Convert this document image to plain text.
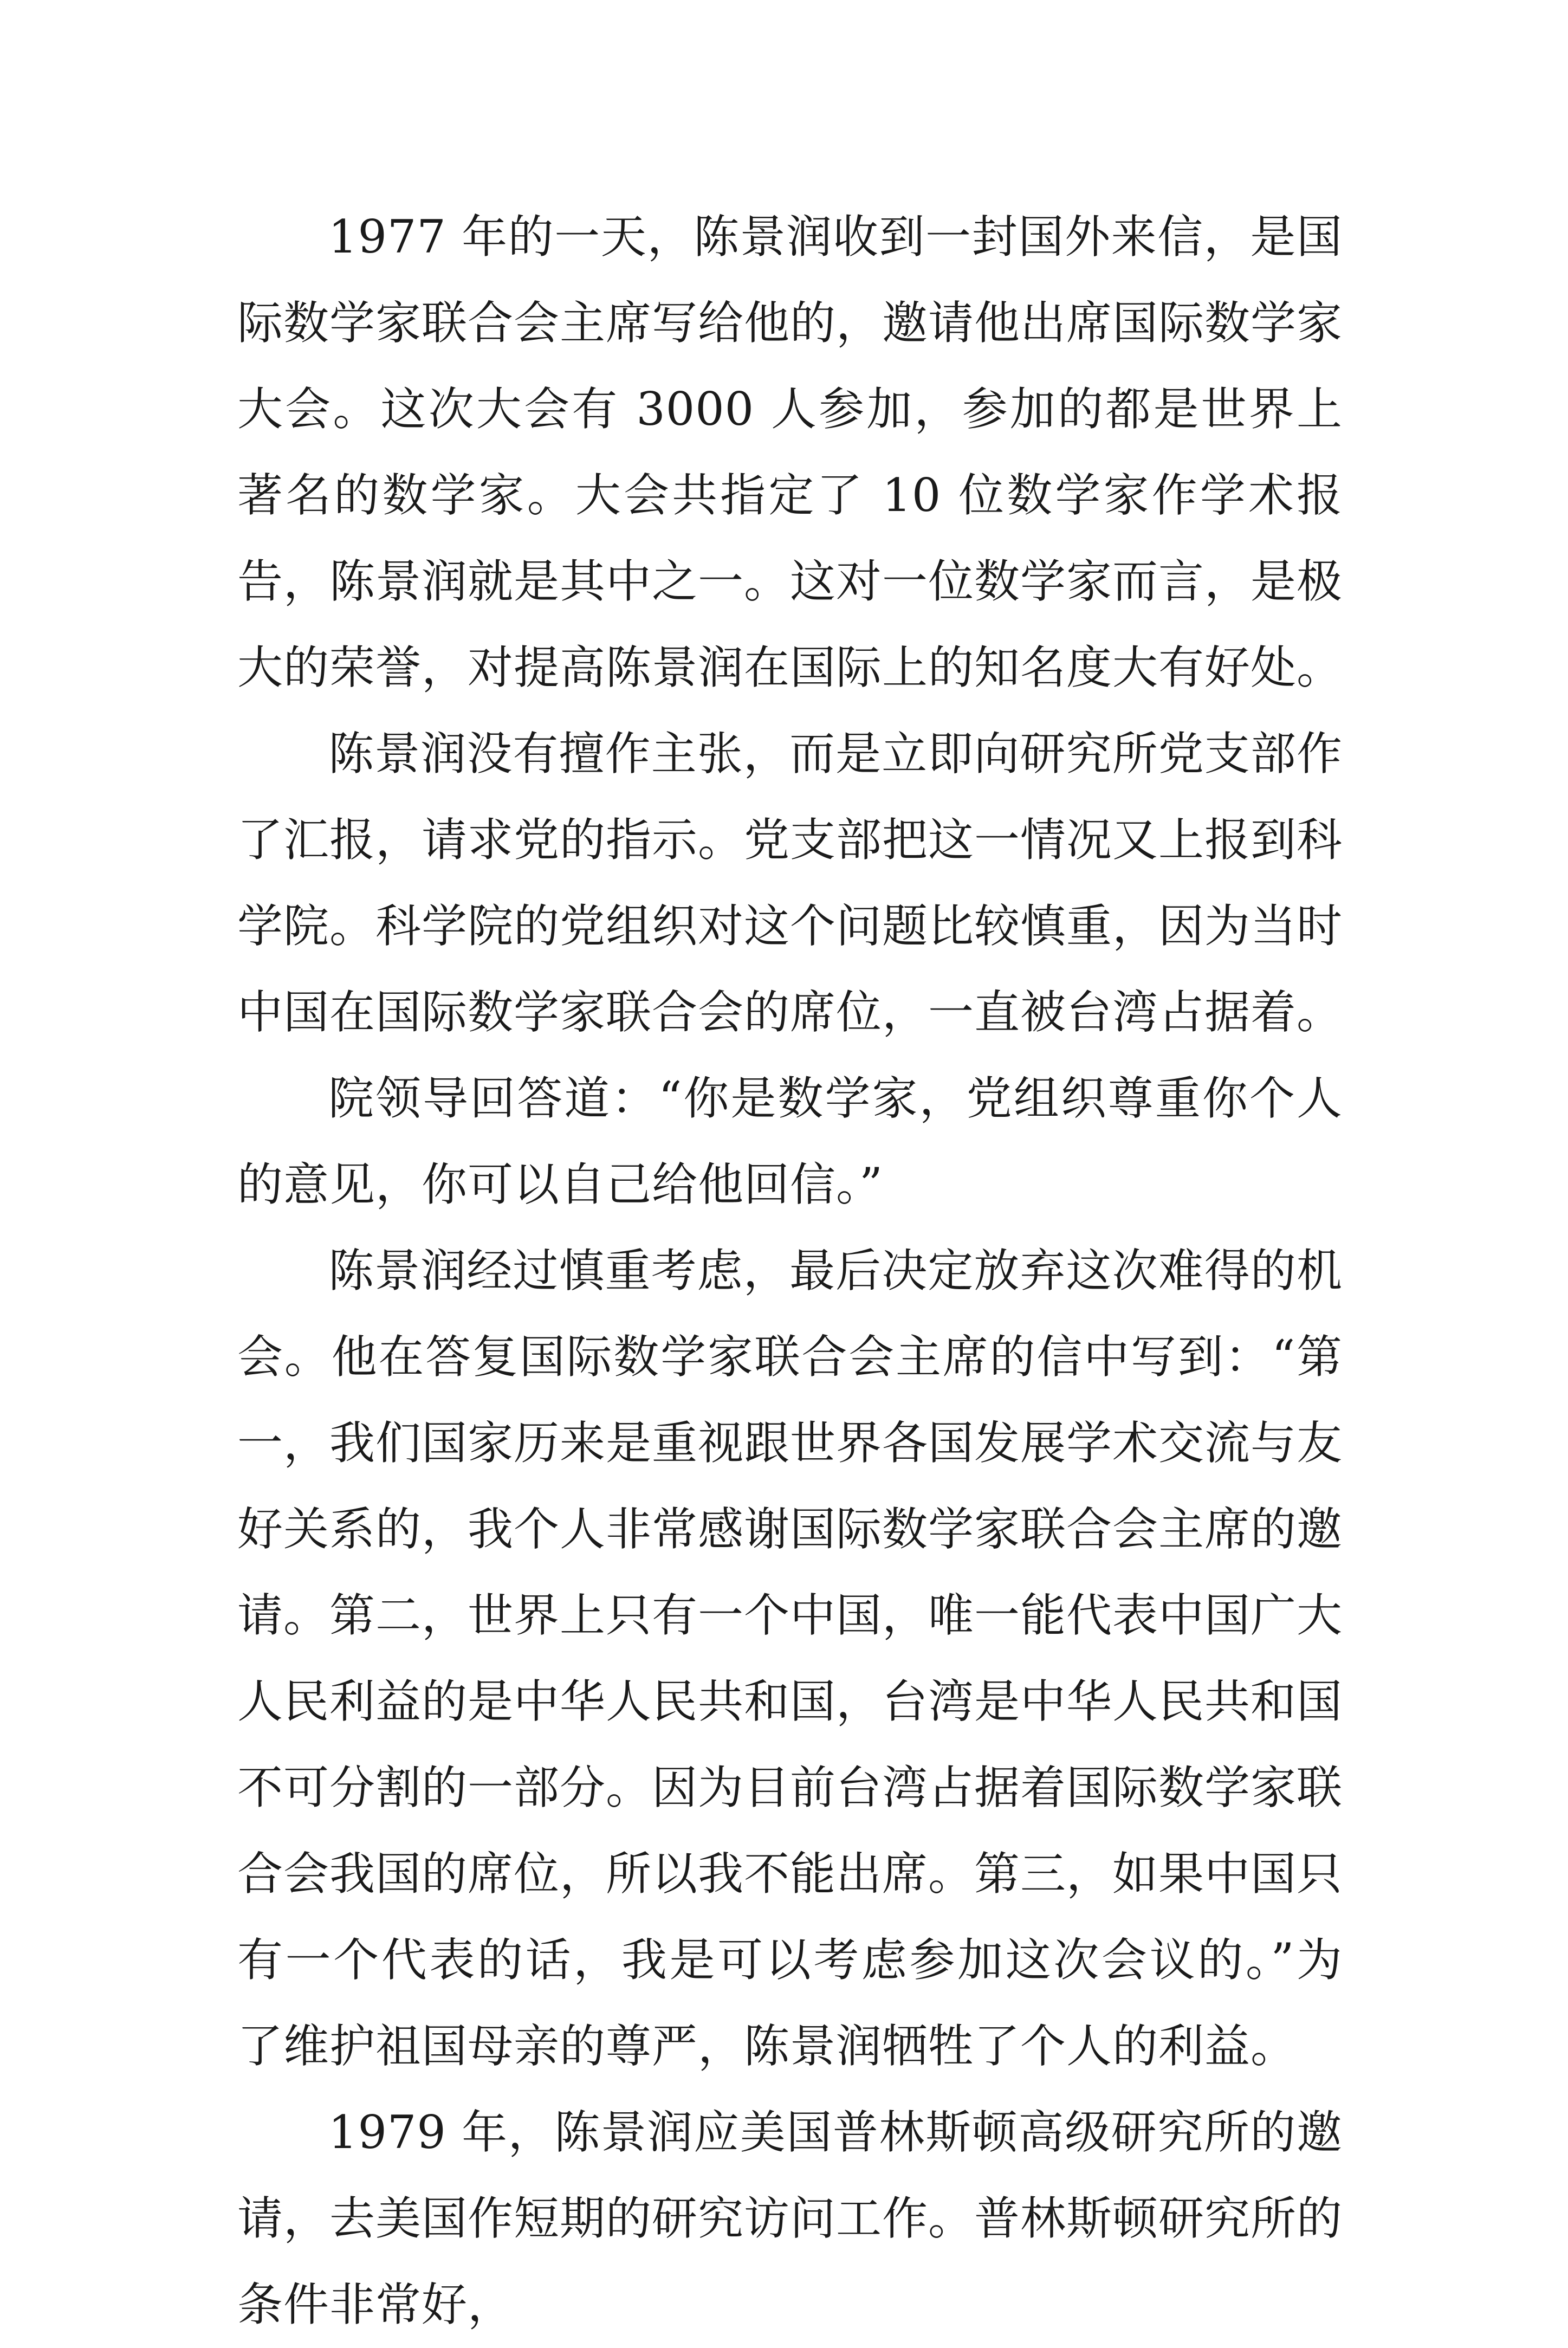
1977 年的一天，陈景润收到一封国外来信，是国际数学家联合会主席写给他的，邀请他出席国际数学家大会。这次大会有 3000 人参加，参加的都是世界上著名的数学家。大会共指定了 10 位数学家作学术报告，陈景润就是其中之一。这对一位数学家而言，是极大的荣誉，对提高陈景润在国际上的知名度大有好处。

陈景润没有擅作主张，而是立即向研究所党支部作了汇报，请求党的指示。党支部把这一情况又上报到科学院。科学院的党组织对这个问题比较慎重，因为当时中国在国际数学家联合会的席位，一直被台湾占据着。

院领导回答道：“你是数学家，党组织尊重你个人的意见，你可以自己给他回信。”

陈景润经过慎重考虑，最后决定放弃这次难得的机会。他在答复国际数学家联合会主席的信中写到：“第一，我们国家历来是重视跟世界各国发展学术交流与友好关系的，我个人非常感谢国际数学家联合会主席的邀请。第二，世界上只有一个中国，唯一能代表中国广大人民利益的是中华人民共和国，台湾是中华人民共和国不可分割的一部分。因为目前台湾占据着国际数学家联合会我国的席位，所以我不能出席。第三，如果中国只有一个代表的话，我是可以考虑参加这次会议的。”为了维护祖国母亲的尊严，陈景润牺牲了个人的利益。

1979 年，陈景润应美国普林斯顿高级研究所的邀请，去美国作短期的研究访问工作。普林斯顿研究所的条件非常好，
